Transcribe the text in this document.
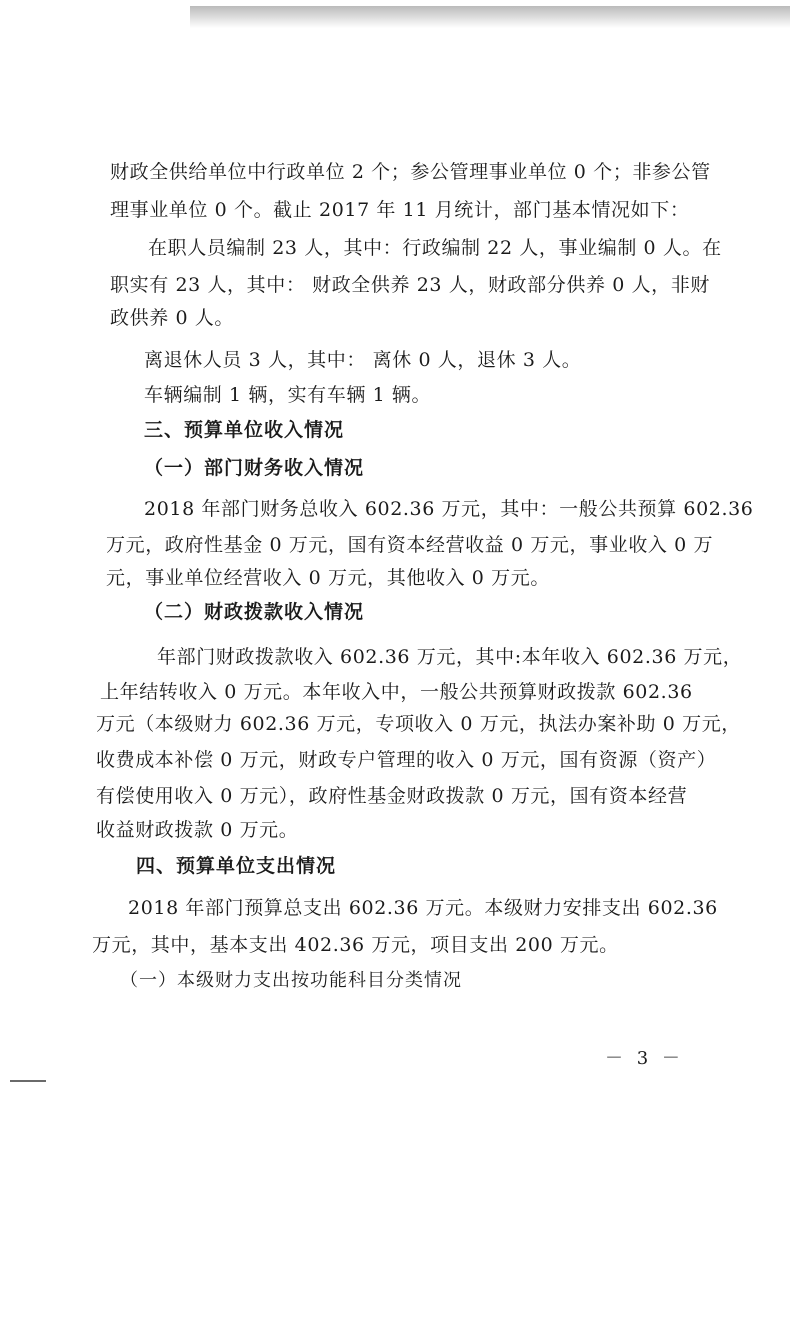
财政全供给单位中行政单位 2 个；参公管理事业单位 0 个；非参公管
理事业单位 0 个。截止 2017 年 11 月统计，部门基本情况如下：
在职人员编制 23 人，其中：行政编制 22 人，事业编制 0 人。在
职实有 23 人，其中： 财政全供养 23 人，财政部分供养 0 人，非财
政供养 0 人。
离退休人员 3 人，其中： 离休 0 人，退休 3 人。
车辆编制 1 辆，实有车辆 1 辆。
三、预算单位收入情况
（一）部门财务收入情况
2018 年部门财务总收入 602.36 万元，其中：一般公共预算 602.36
万元，政府性基金 0 万元，国有资本经营收益 0 万元，事业收入 0 万
元，事业单位经营收入 0 万元，其他收入 0 万元。
（二）财政拨款收入情况
年部门财政拨款收入 602.36 万元，其中:本年收入 602.36 万元，
上年结转收入 0 万元。本年收入中，一般公共预算财政拨款 602.36
万元（本级财力 602.36 万元，专项收入 0 万元，执法办案补助 0 万元，
收费成本补偿 0 万元，财政专户管理的收入 0 万元，国有资源（资产）
有偿使用收入 0 万元），政府性基金财政拨款 0 万元，国有资本经营
收益财政拨款 0 万元。
四、预算单位支出情况
2018 年部门预算总支出 602.36 万元。本级财力安排支出 602.36
万元，其中，基本支出 402.36 万元，项目支出 200 万元。
（一）本级财力支出按功能科目分类情况
－ 3 －
